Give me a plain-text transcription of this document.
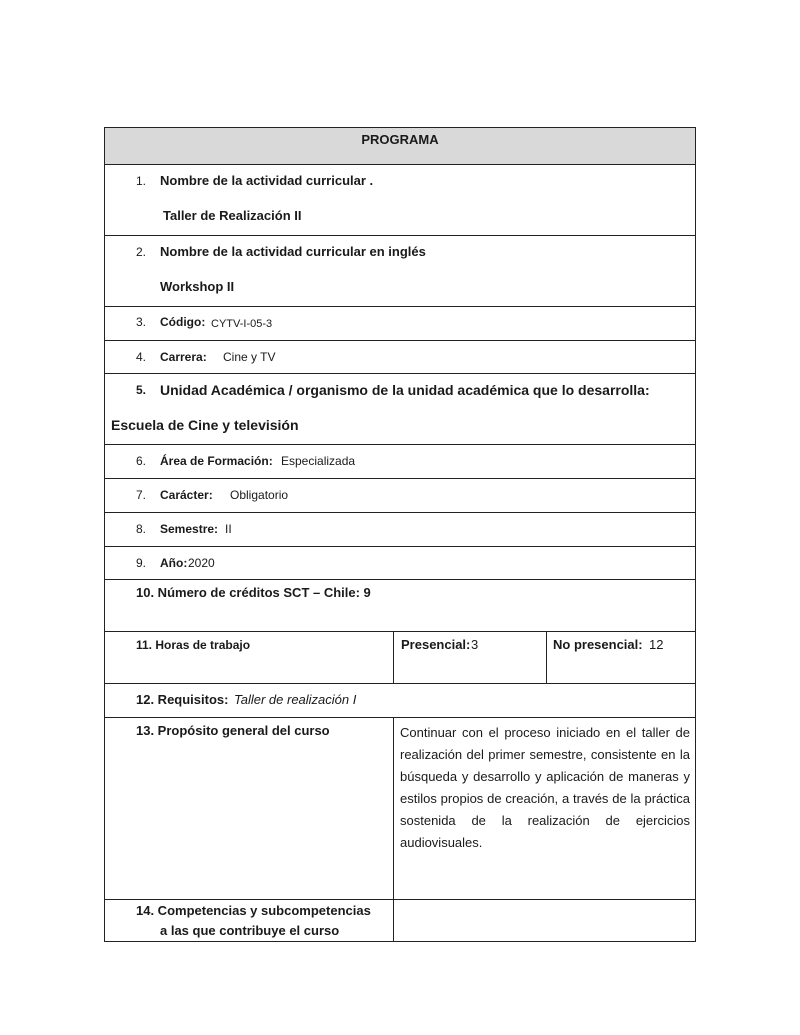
PROGRAMA
1. Nombre de la actividad curricular .
Taller de Realización II
2. Nombre de la actividad curricular en inglés
Workshop II
3. Código: CYTV-I-05-3
4. Carrera: Cine y TV
5. Unidad Académica / organismo de la unidad académica que lo desarrolla:
Escuela de Cine y televisión
6. Área de Formación: Especializada
7. Carácter: Obligatorio
8. Semestre: II
9. Año: 2020
10. Número de créditos SCT – Chile: 9
11. Horas de trabajo	Presencial: 3	No presencial: 12
12. Requisitos: Taller de realización I
13. Propósito general del curso	Continuar con el proceso iniciado en el taller de realización del primer semestre, consistente en la búsqueda y desarrollo y aplicación de maneras y estilos propios de creación, a través de la práctica sostenida de la realización de ejercicios audiovisuales.
14. Competencias y subcompetencias
a las que contribuye el curso
